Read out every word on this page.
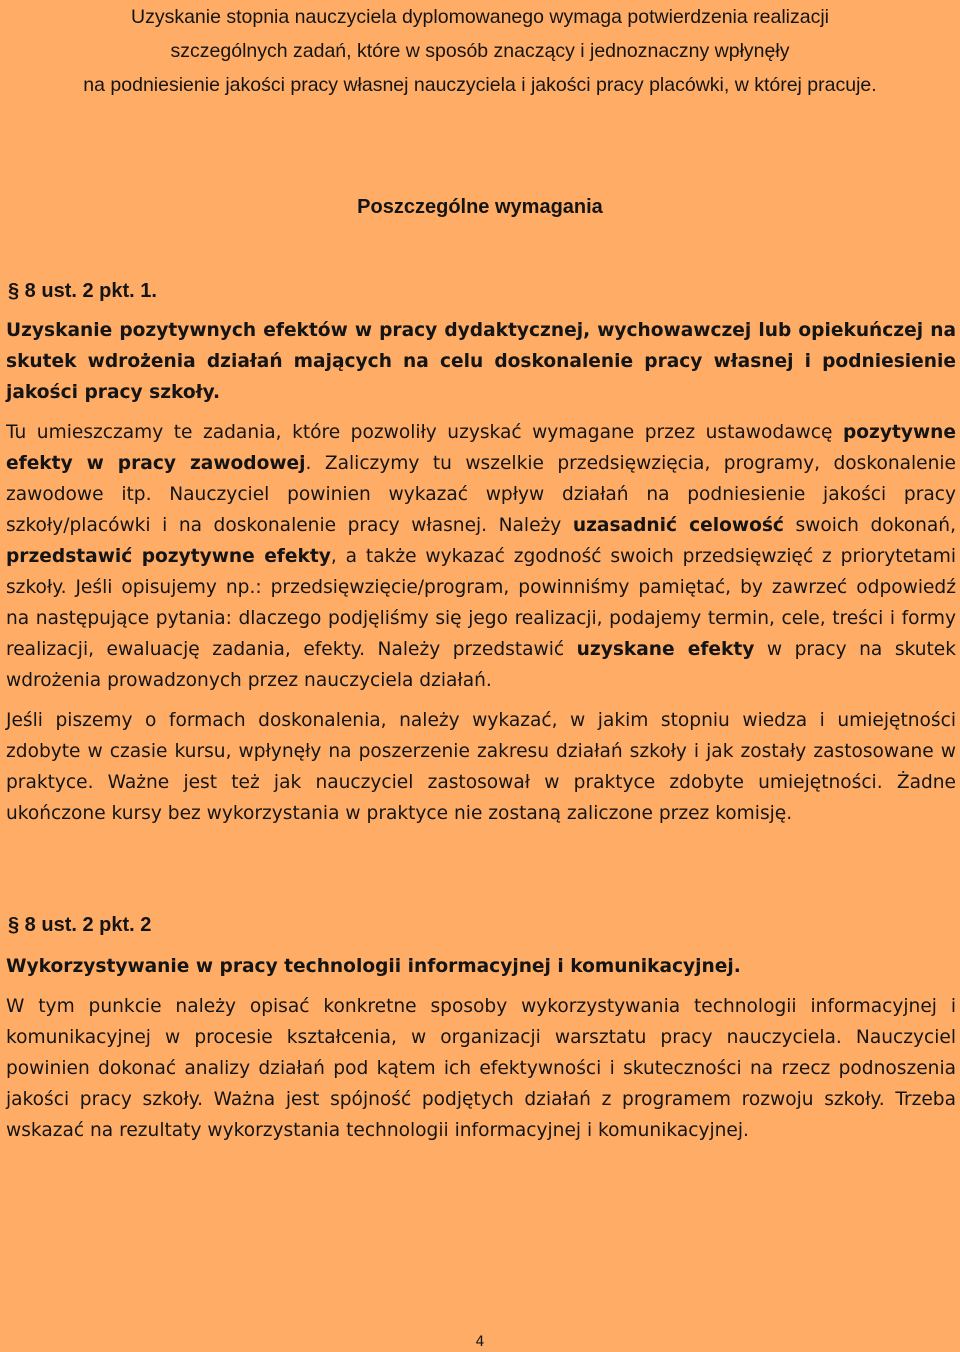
Uzyskanie stopnia nauczyciela dyplomowanego wymaga potwierdzenia realizacji
szczególnych zadań, które w sposób znaczący i jednoznaczny wpłynęły
na podniesienie jakości pracy własnej nauczyciela i jakości pracy placówki, w której pracuje.
Poszczególne wymagania
§ 8 ust. 2 pkt. 1.

Uzyskanie pozytywnych efektów w pracy dydaktycznej, wychowawczej lub opiekuńczej na skutek wdrożenia działań mających na celu doskonalenie pracy własnej i podniesienie jakości pracy szkoły.

Tu umieszczamy te zadania, które pozwoliły uzyskać wymagane przez ustawodawcę pozytywne efekty w pracy zawodowej. Zaliczymy tu wszelkie przedsięwzięcia, programy, doskonalenie zawodowe itp. Nauczyciel powinien wykazać wpływ działań na podniesienie jakości pracy szkoły/placówki i na doskonalenie pracy własnej. Należy uzasadnić celowość swoich dokonań, przedstawić pozytywne efekty, a także wykazać zgodność swoich przedsięwzięć z priorytetami szkoły. Jeśli opisujemy np.: przedsięwzięcie/program, powinniśmy pamiętać, by zawrzeć odpowiedź na następujące pytania: dlaczego podjęliśmy się jego realizacji, podajemy termin, cele, treści i formy realizacji, ewaluację zadania, efekty. Należy przedstawić uzyskane efekty w pracy na skutek wdrożenia prowadzonych przez nauczyciela działań.

Jeśli piszemy o formach doskonalenia, należy wykazać, w jakim stopniu wiedza i umiejętności zdobyte w czasie kursu, wpłynęły na poszerzenie zakresu działań szkoły i jak zostały zastosowane w praktyce. Ważne jest też jak nauczyciel zastosował w praktyce zdobyte umiejętności. Żadne ukończone kursy bez wykorzystania w praktyce nie zostaną zaliczone przez komisję.

§ 8 ust. 2 pkt. 2

Wykorzystywanie w pracy technologii informacyjnej i komunikacyjnej.

W tym punkcie należy opisać konkretne sposoby wykorzystywania technologii informacyjnej i komunikacyjnej w procesie kształcenia, w organizacji warsztatu pracy nauczyciela. Nauczyciel powinien dokonać analizy działań pod kątem ich efektywności i skuteczności na rzecz podnoszenia jakości pracy szkoły. Ważna jest spójność podjętych działań z programem rozwoju szkoły. Trzeba wskazać na rezultaty wykorzystania technologii informacyjnej i komunikacyjnej.

4
